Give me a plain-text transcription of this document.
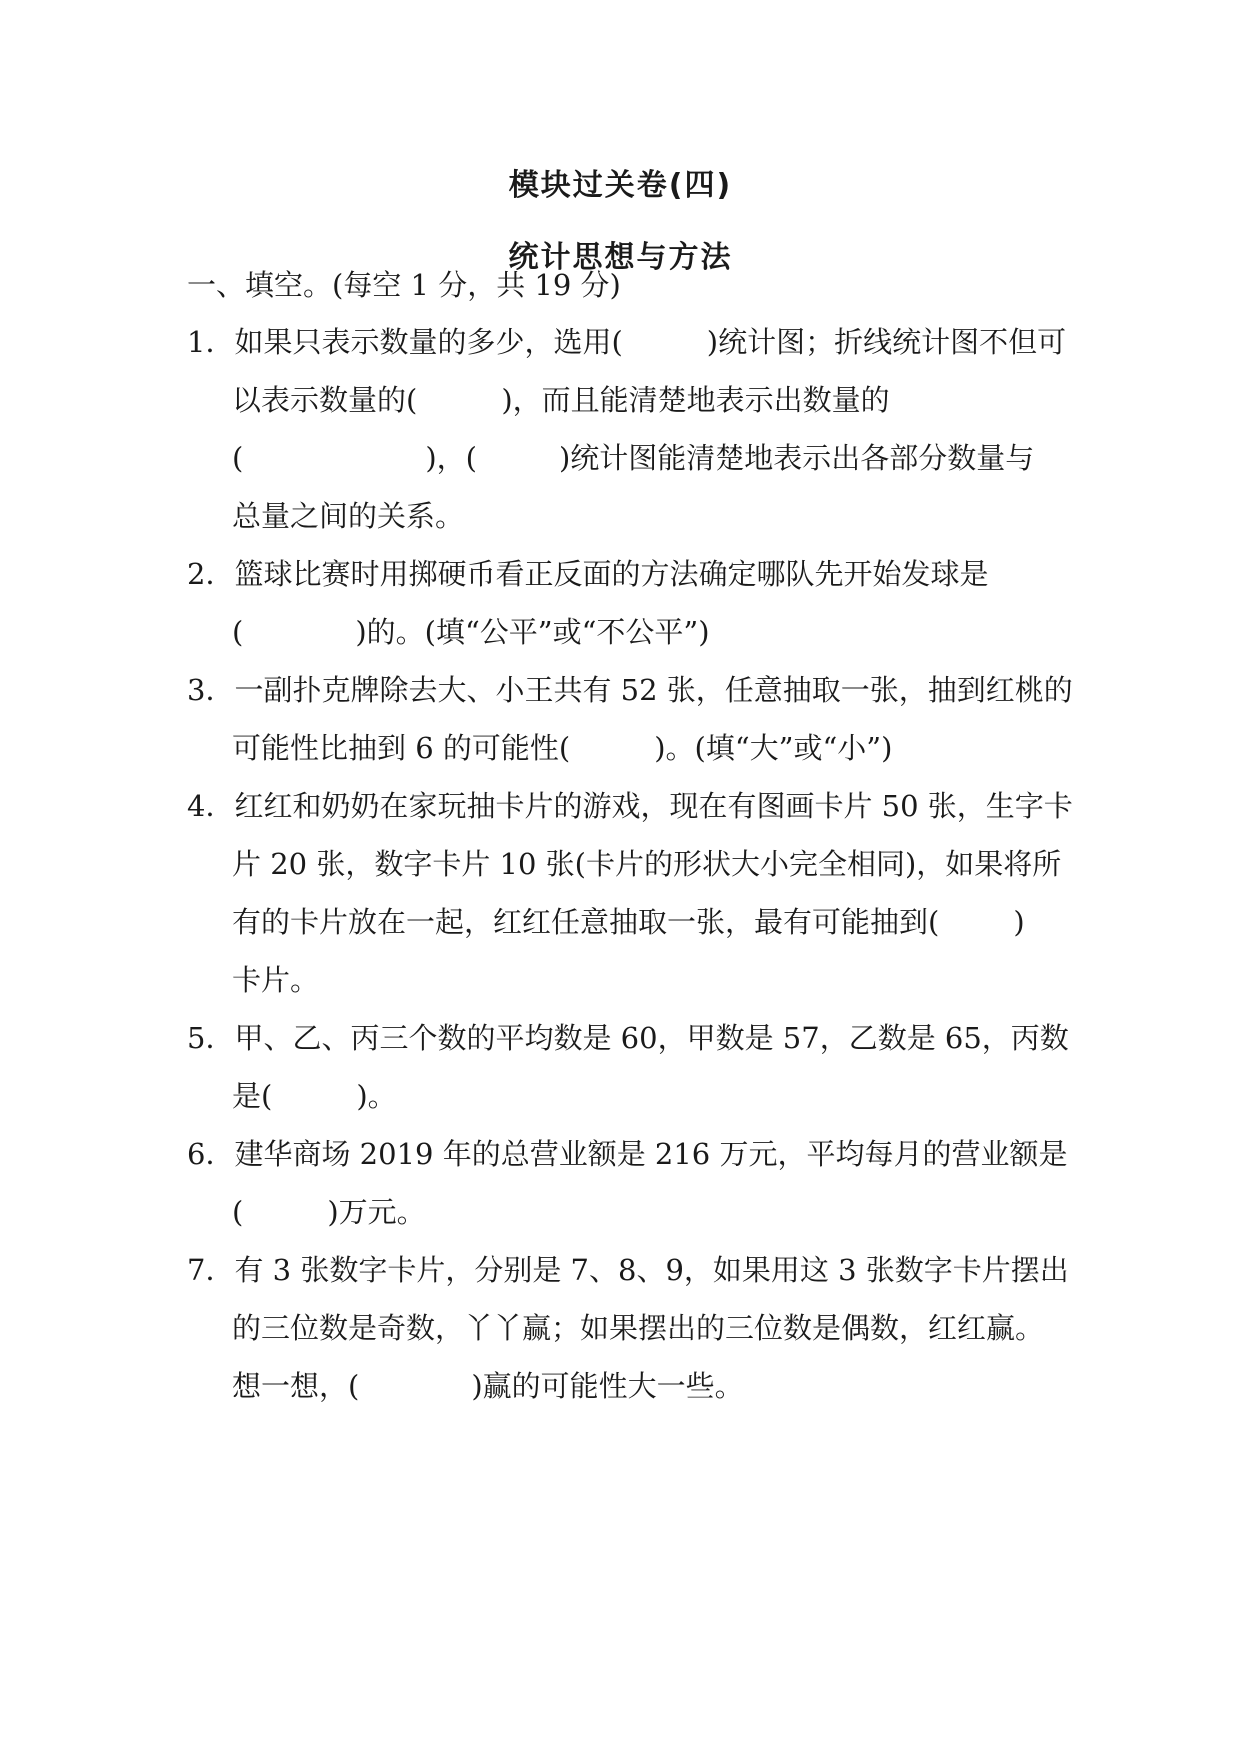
模块过关卷(四)
统计思想与方法
一、填空。(每空 1 分，共 19 分)
1．如果只表示数量的多少，选用(	)统计图；折线统计图不但可
以表示数量的(	)，而且能清楚地表示出数量的
(	)，(	)统计图能清楚地表示出各部分数量与
总量之间的关系。
2．篮球比赛时用掷硬币看正反面的方法确定哪队先开始发球是
(	)的。(填“公平”或“不公平”)
3．一副扑克牌除去大、小王共有 52 张，任意抽取一张，抽到红桃的
可能性比抽到 6 的可能性(	)。(填“大”或“小”)
4．红红和奶奶在家玩抽卡片的游戏，现在有图画卡片 50 张，生字卡
片 20 张，数字卡片 10 张(卡片的形状大小完全相同)，如果将所
有的卡片放在一起，红红任意抽取一张，最有可能抽到(	)
卡片。
5．甲、乙、丙三个数的平均数是 60，甲数是 57，乙数是 65，丙数
是(	)。
6．建华商场 2019 年的总营业额是 216 万元，平均每月的营业额是
(	)万元。
7．有 3 张数字卡片，分别是 7、8、9，如果用这 3 张数字卡片摆出
的三位数是奇数，丫丫赢；如果摆出的三位数是偶数，红红赢。
想一想，(	)赢的可能性大一些。
